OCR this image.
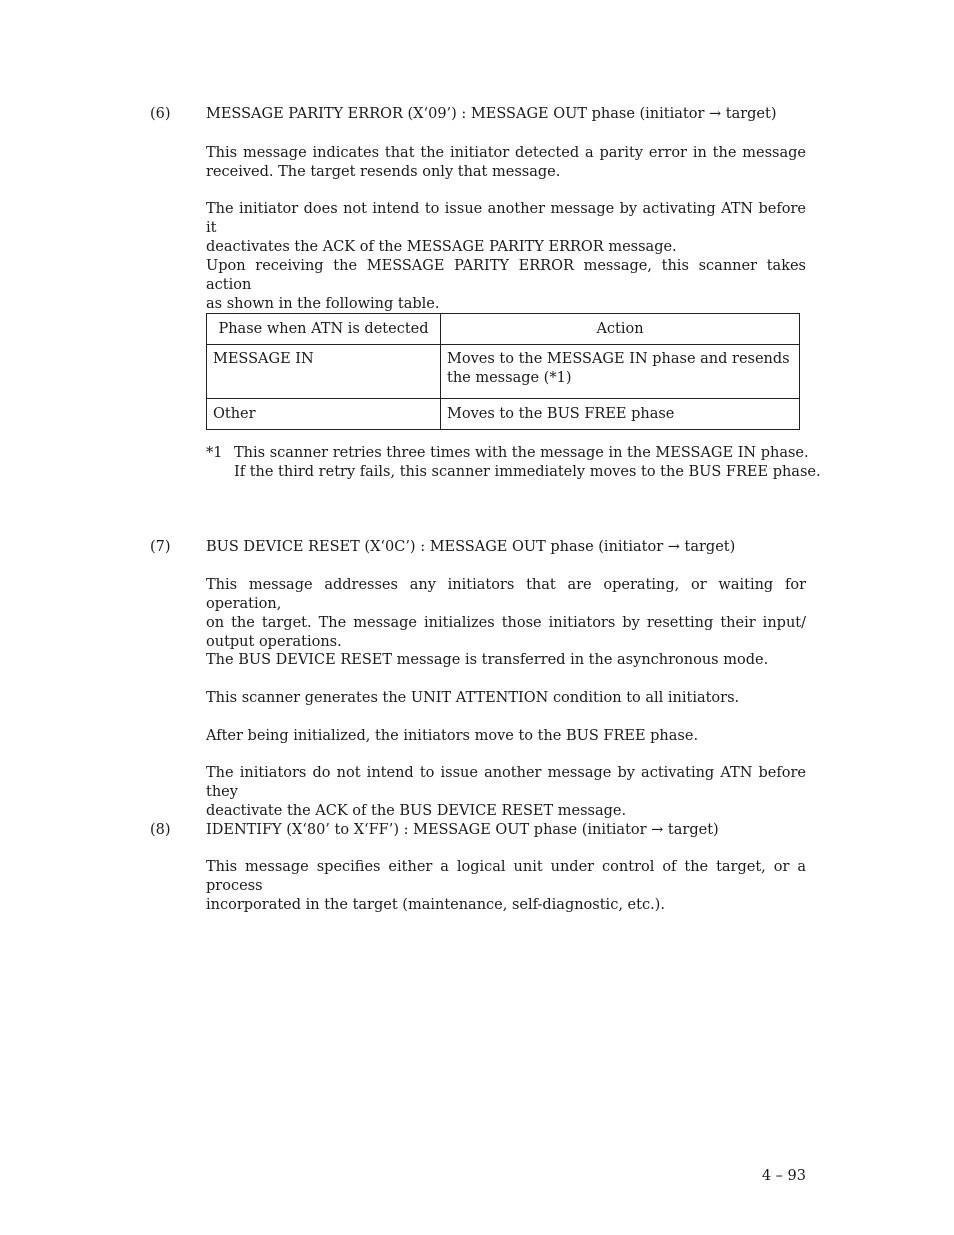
(6) MESSAGE PARITY ERROR (X‘09’) : MESSAGE OUT phase (initiator → target)
This message indicates that the initiator detected a parity error in the message
received. The target resends only that message.
The initiator does not intend to issue another message by activating ATN before it
deactivates the ACK of the MESSAGE PARITY ERROR message.
Upon receiving the MESSAGE PARITY ERROR message, this scanner takes action
as shown in the following table.
Phase when ATN is detected	Action
MESSAGE IN	Moves to the MESSAGE IN phase and resends
the message (*1)

Other	Moves to the BUS FREE phase
*1 This scanner retries three times with the message in the MESSAGE IN phase.
If the third retry fails, this scanner immediately moves to the BUS FREE phase.
(7) BUS DEVICE RESET (X‘0C’) : MESSAGE OUT phase (initiator → target)
This message addresses any initiators that are operating, or waiting for operation,
on the target. The message initializes those initiators by resetting their input/
output operations.
The BUS DEVICE RESET message is transferred in the asynchronous mode.
This scanner generates the UNIT ATTENTION condition to all initiators.
After being initialized, the initiators move to the BUS FREE phase.
The initiators do not intend to issue another message by activating ATN before they
deactivate the ACK of the BUS DEVICE RESET message.
(8) IDENTIFY (X‘80’ to X‘FF’) : MESSAGE OUT phase (initiator → target)
This message specifies either a logical unit under control of the target, or a process
incorporated in the target (maintenance, self-diagnostic, etc.).
4 – 93
